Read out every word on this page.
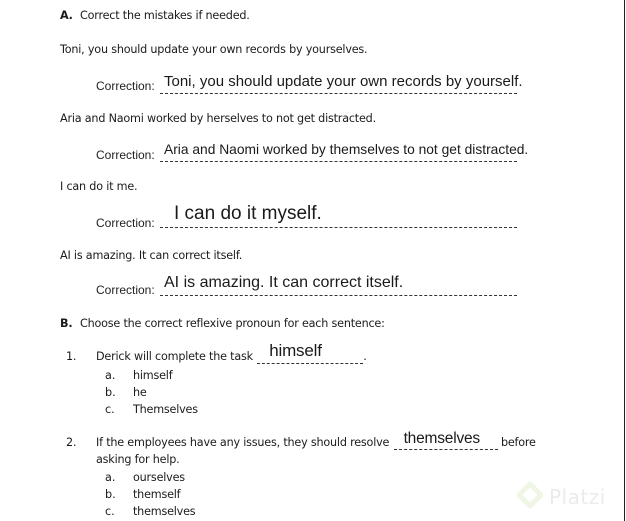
A. Correct the mistakes if needed.
Toni, you should update your own records by yourselves.
Correction: Toni, you should update your own records by yourself.
Aria and Naomi worked by herselves to not get distracted.
Correction: Aria and Naomi worked by themselves to not get distracted.
I can do it me.
Correction: I can do it myself.
AI is amazing. It can correct itself.
Correction: AI is amazing. It can correct itself.
B. Choose the correct reflexive pronoun for each sentence:
1. Derick will complete the task himself	.
a. himself
b. he
c. Themselves
2. If the employees have any issues, they should resolve themselves before
asking for help.
a. ourselves
b. themself
c. themselves
Platzi
